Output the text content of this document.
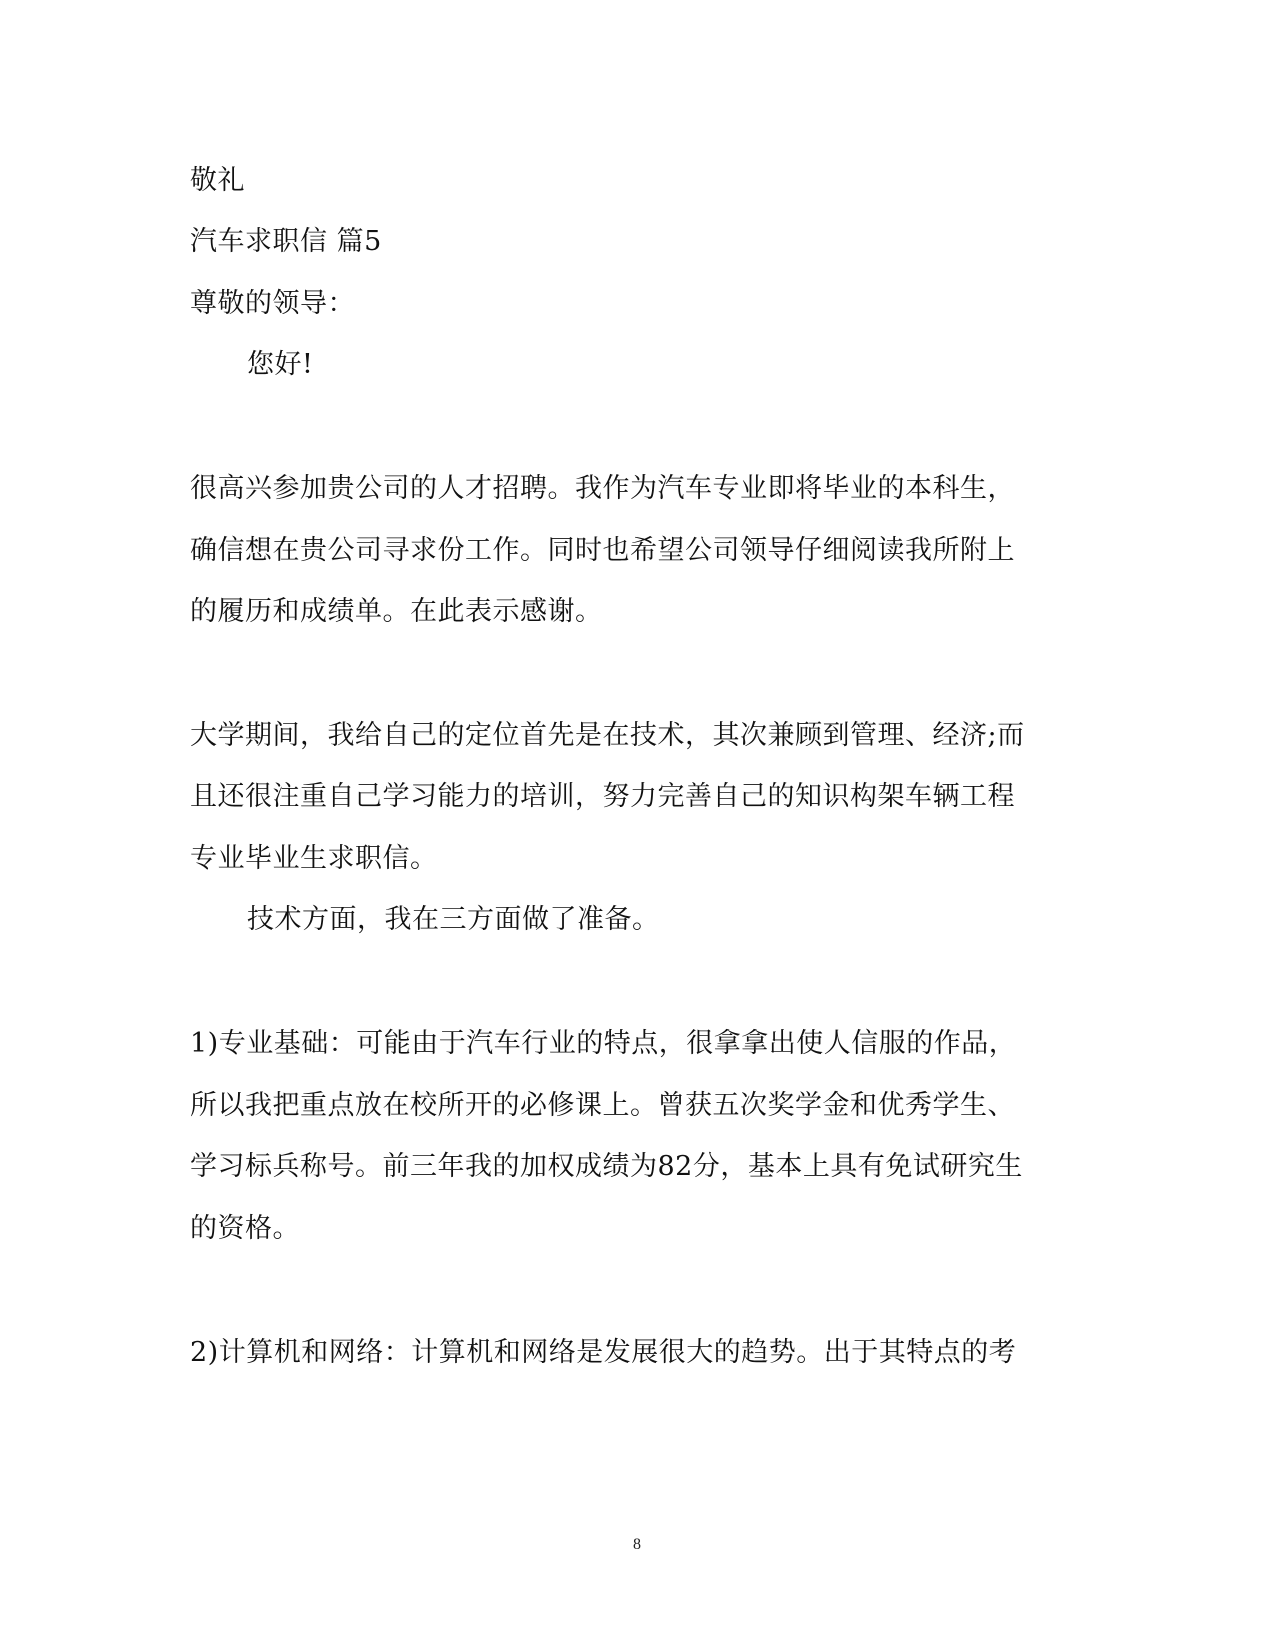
敬礼
汽车求职信 篇5
尊敬的领导：
您好!
很高兴参加贵公司的人才招聘。我作为汽车专业即将毕业的本科生，
确信想在贵公司寻求份工作。同时也希望公司领导仔细阅读我所附上
的履历和成绩单。在此表示感谢。
大学期间，我给自己的定位首先是在技术，其次兼顾到管理、经济;而
且还很注重自己学习能力的培训，努力完善自己的知识构架车辆工程
专业毕业生求职信。
技术方面，我在三方面做了准备。
1)专业基础：可能由于汽车行业的特点，很拿拿出使人信服的作品，
所以我把重点放在校所开的必修课上。曾获五次奖学金和优秀学生、
学习标兵称号。前三年我的加权成绩为82分，基本上具有免试研究生
的资格。
2)计算机和网络：计算机和网络是发展很大的趋势。出于其特点的考
8
